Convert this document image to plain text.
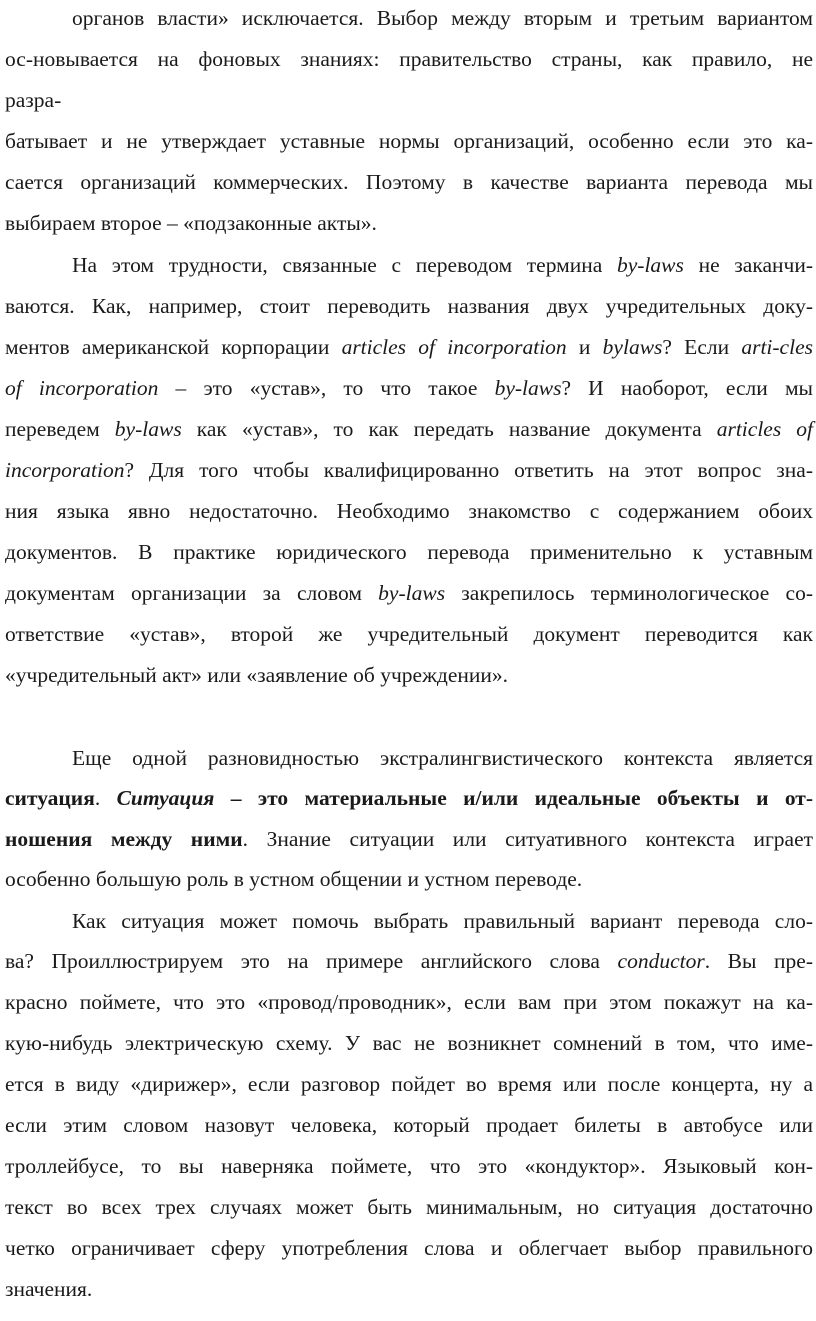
органов власти» исключается. Выбор между вторым и третьим вариантом
ос-новывается на фоновых знаниях: правительство страны, как правило, не
разра-
батывает и не утверждает уставные нормы организаций, особенно если это ка-
сается организаций коммерческих. Поэтому в качестве варианта перевода мы
выбираем второе – «подзаконные акты».
На этом трудности, связанные с переводом термина by-laws не заканчи-
ваются. Как, например, стоит переводить названия двух учредительных доку-
ментов американской корпорации articles of incorporation и bylaws? Если arti-cles
of incorporation – это «устав», то что такое by-laws? И наоборот, если мы
переведем by-laws как «устав», то как передать название документа articles of
incorporation? Для того чтобы квалифицированно ответить на этот вопрос зна-
ния языка явно недостаточно. Необходимо знакомство с содержанием обоих
документов. В практике юридического перевода применительно к уставным
документам организации за словом by-laws закрепилось терминологическое со-
ответствие «устав», второй же учредительный документ переводится как
«учредительный акт» или «заявление об учреждении».
Еще одной разновидностью экстралингвистического контекста является
ситуация. Ситуация – это материальные и/или идеальные объекты и от-
ношения между ними. Знание ситуации или ситуативного контекста играет
особенно большую роль в устном общении и устном переводе.
Как ситуация может помочь выбрать правильный вариант перевода сло-
ва? Проиллюстрируем это на примере английского слова conductor. Вы пре-
красно поймете, что это «провод/проводник», если вам при этом покажут на ка-
кую-нибудь электрическую схему. У вас не возникнет сомнений в том, что име-
ется в виду «дирижер», если разговор пойдет во время или после концерта, ну а
если этим словом назовут человека, который продает билеты в автобусе или
троллейбусе, то вы наверняка поймете, что это «кондуктор». Языковый кон-
текст во всех трех случаях может быть минимальным, но ситуация достаточно
четко ограничивает сферу употребления слова и облегчает выбор правильного
значения.
